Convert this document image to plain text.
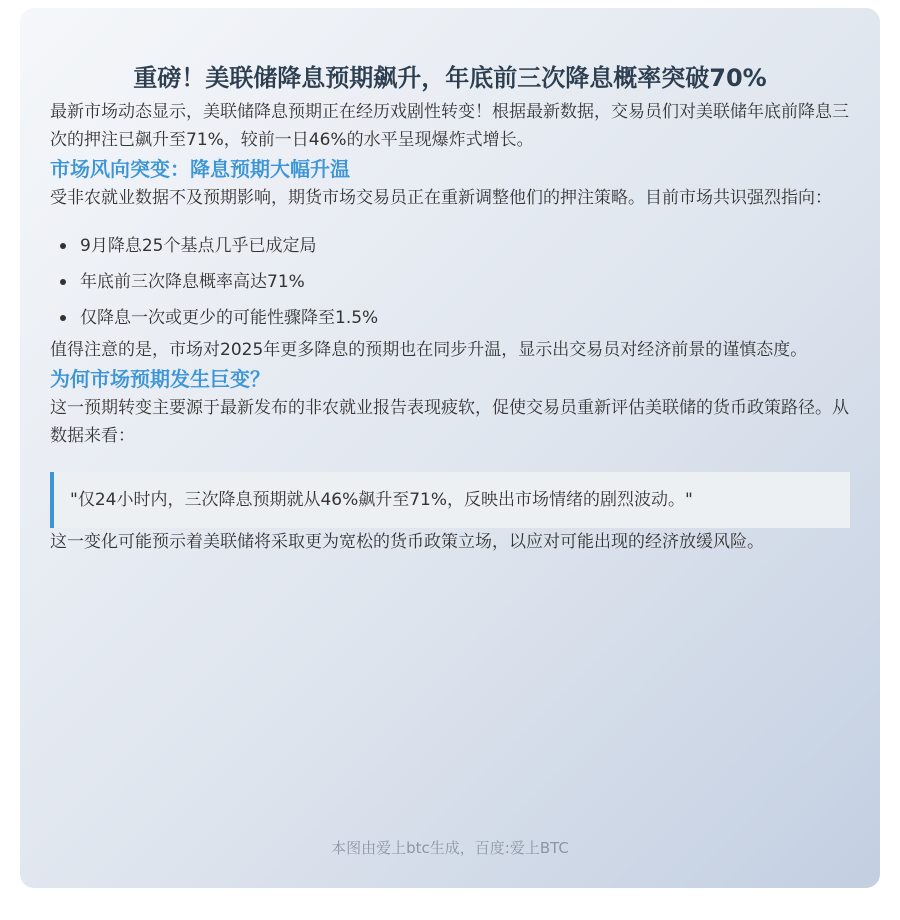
重磅！美联储降息预期飙升，年底前三次降息概率突破70%

最新市场动态显示，美联储降息预期正在经历戏剧性转变！根据最新数据，交易员们对美联储年底前降息三次的押注已飙升至71%，较前一日46%的水平呈现爆炸式增长。

市场风向突变：降息预期大幅升温

受非农就业数据不及预期影响，期货市场交易员正在重新调整他们的押注策略。目前市场共识强烈指向：

9月降息25个基点几乎已成定局
年底前三次降息概率高达71%
仅降息一次或更少的可能性骤降至1.5%

值得注意的是，市场对2025年更多降息的预期也在同步升温，显示出交易员对经济前景的谨慎态度。

为何市场预期发生巨变？

这一预期转变主要源于最新发布的非农就业报告表现疲软，促使交易员重新评估美联储的货币政策路径。从数据来看：

"仅24小时内，三次降息预期就从46%飙升至71%，反映出市场情绪的剧烈波动。"

这一变化可能预示着美联储将采取更为宽松的货币政策立场，以应对可能出现的经济放缓风险。

本图由爱上btc生成，百度:爱上BTC
